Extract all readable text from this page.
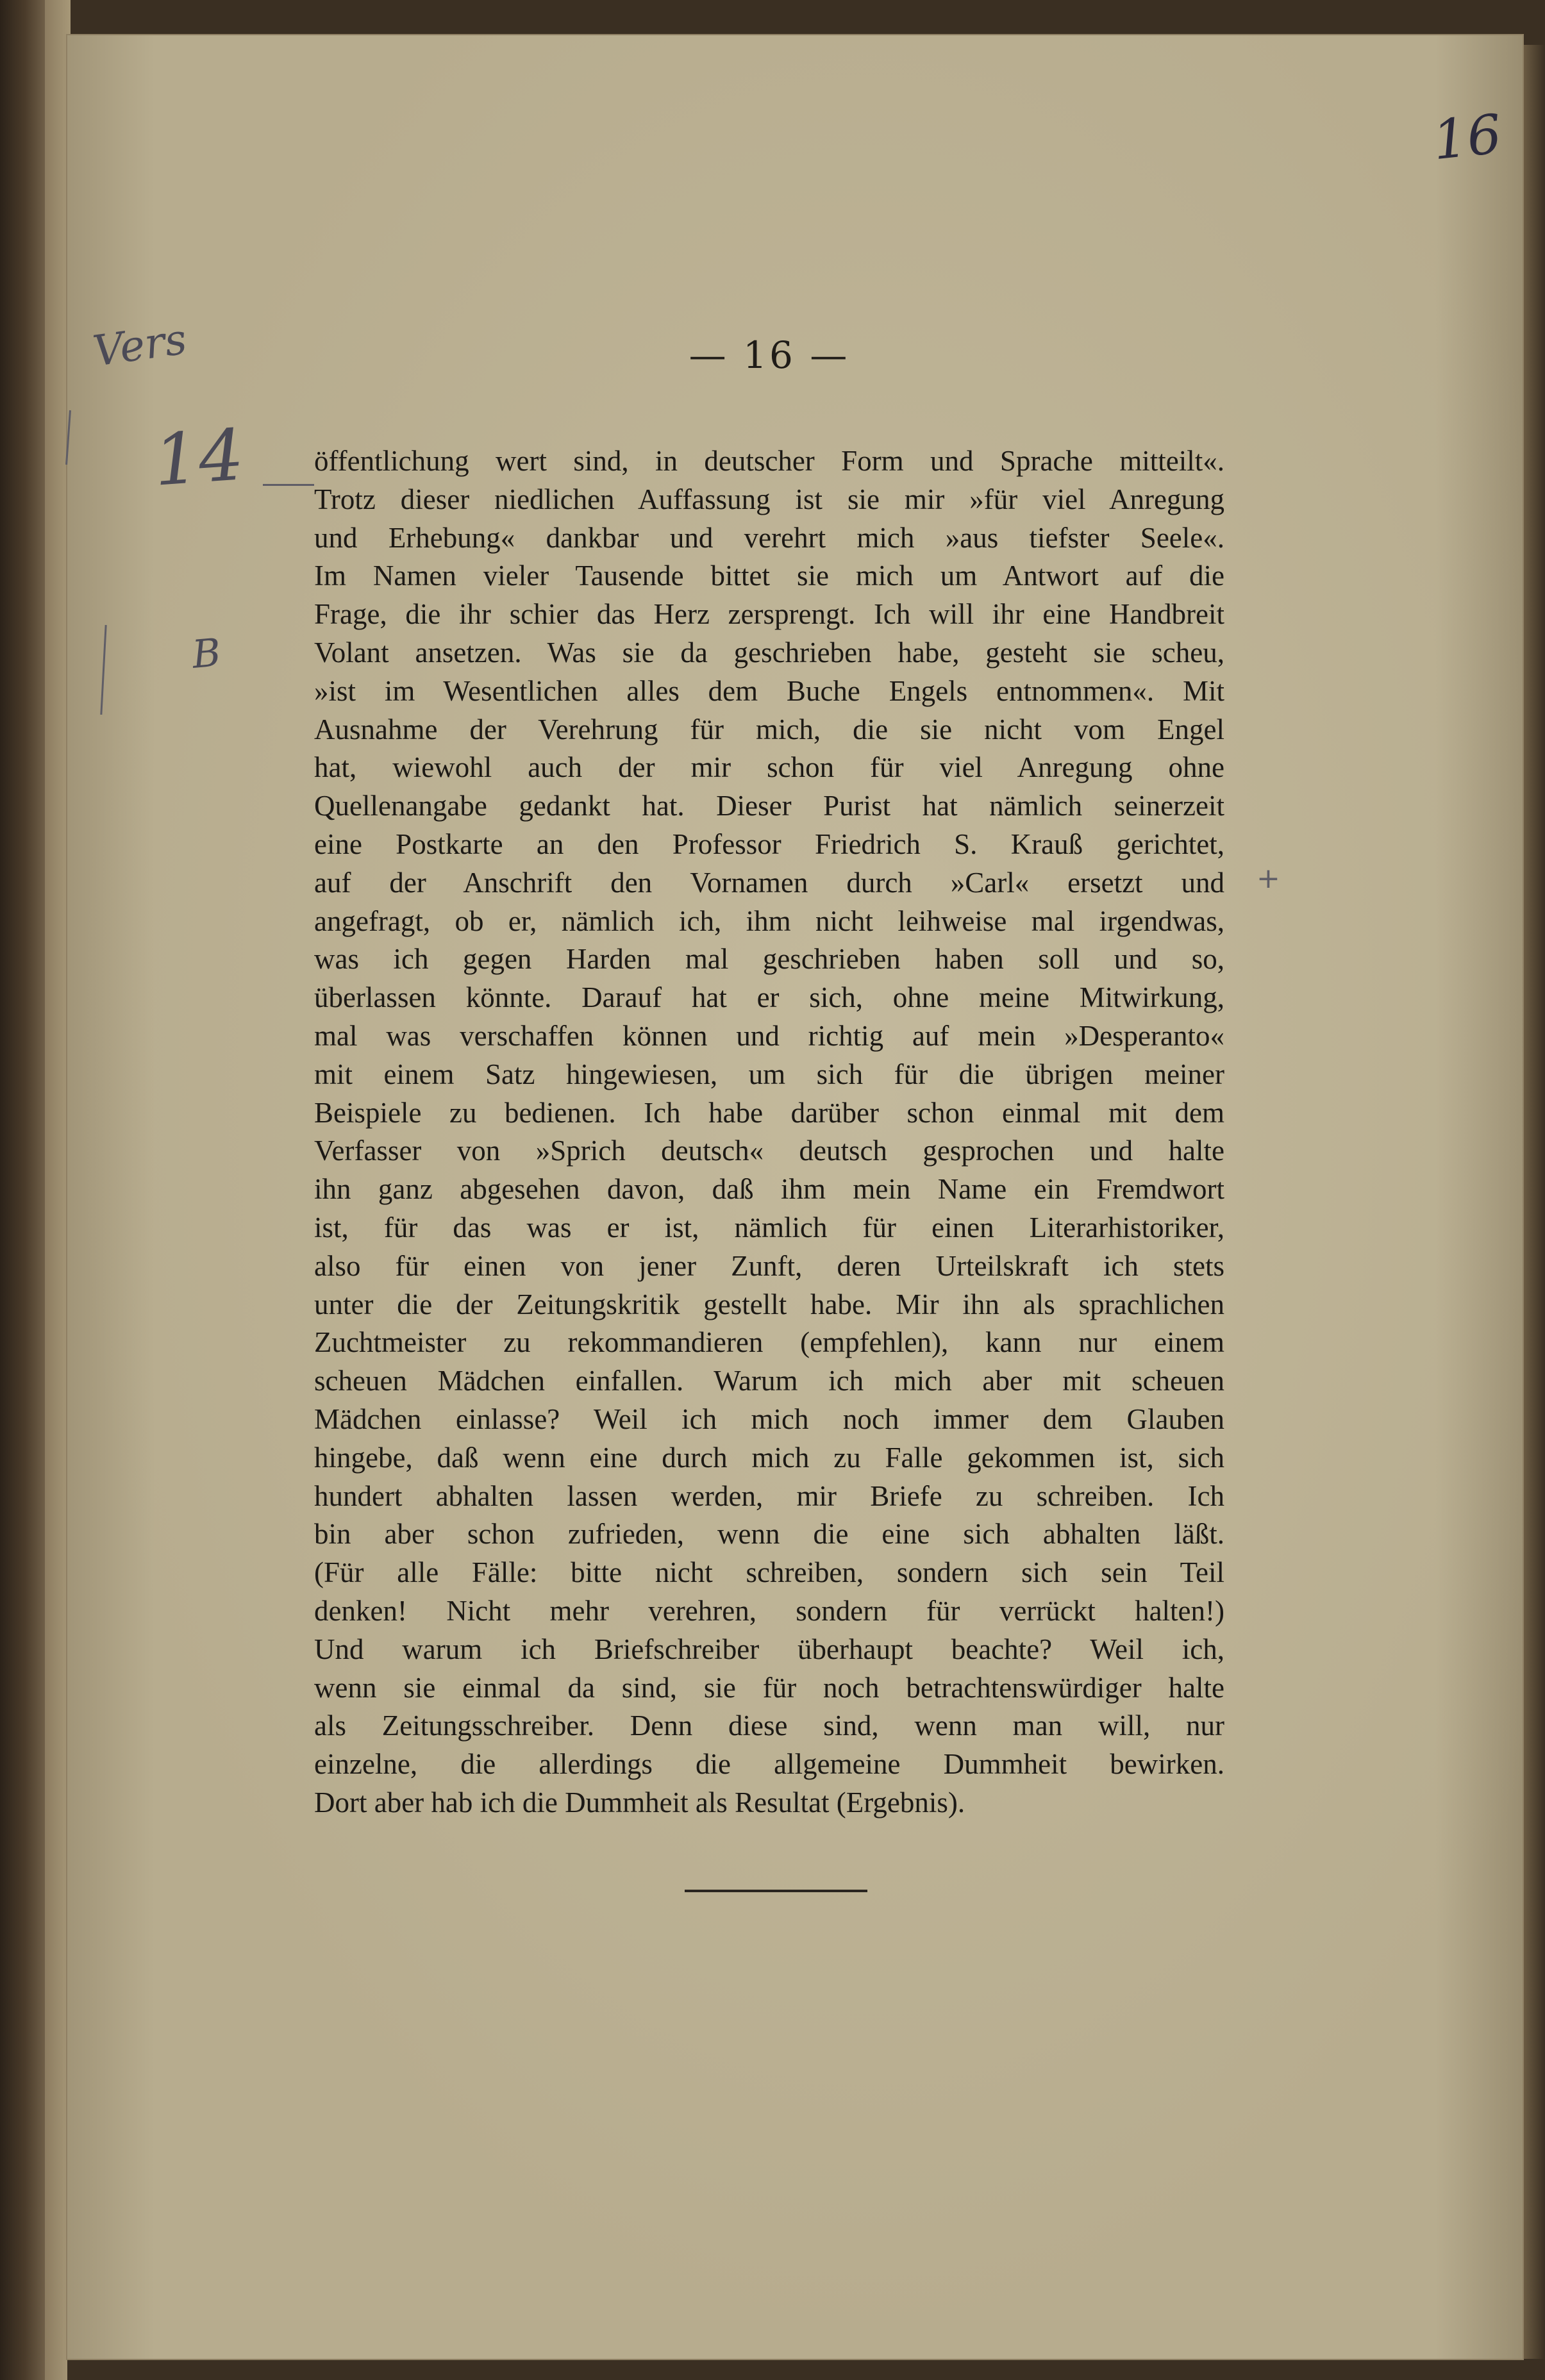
16
Vers
14
B
+
— 16 —
öffentlichung wert sind, in deutscher Form und Sprache mitteilt«.
Trotz dieser niedlichen Auffassung ist sie mir »für viel Anregung
und Erhebung« dankbar und verehrt mich »aus tiefster Seele«.
Im Namen vieler Tausende bittet sie mich um Antwort auf die
Frage, die ihr schier das Herz zersprengt. Ich will ihr eine Handbreit
Volant ansetzen. Was sie da geschrieben habe, gesteht sie scheu,
»ist im Wesentlichen alles dem Buche Engels entnommen«. Mit
Ausnahme der Verehrung für mich, die sie nicht vom Engel
hat, wiewohl auch der mir schon für viel Anregung ohne
Quellenangabe gedankt hat. Dieser Purist hat nämlich seinerzeit
eine Postkarte an den Professor Friedrich S. Krauß gerichtet,
auf der Anschrift den Vornamen durch »Carl« ersetzt und
angefragt, ob er, nämlich ich, ihm nicht leihweise mal irgendwas,
was ich gegen Harden mal geschrieben haben soll und so,
überlassen könnte. Darauf hat er sich, ohne meine Mitwirkung,
mal was verschaffen können und richtig auf mein »Desperanto«
mit einem Satz hingewiesen, um sich für die übrigen meiner
Beispiele zu bedienen. Ich habe darüber schon einmal mit dem
Verfasser von »Sprich deutsch« deutsch gesprochen und halte
ihn ganz abgesehen davon, daß ihm mein Name ein Fremdwort
ist, für das was er ist, nämlich für einen Literarhistoriker,
also für einen von jener Zunft, deren Urteilskraft ich stets
unter die der Zeitungskritik gestellt habe. Mir ihn als sprachlichen
Zuchtmeister zu rekommandieren (empfehlen), kann nur einem
scheuen Mädchen einfallen. Warum ich mich aber mit scheuen
Mädchen einlasse? Weil ich mich noch immer dem Glauben
hingebe, daß wenn eine durch mich zu Falle gekommen ist, sich
hundert abhalten lassen werden, mir Briefe zu schreiben. Ich
bin aber schon zufrieden, wenn die eine sich abhalten läßt.
(Für alle Fälle: bitte nicht schreiben, sondern sich sein Teil
denken! Nicht mehr verehren, sondern für verrückt halten!)
Und warum ich Briefschreiber überhaupt beachte? Weil ich,
wenn sie einmal da sind, sie für noch betrachtenswürdiger halte
als Zeitungsschreiber. Denn diese sind, wenn man will, nur
einzelne, die allerdings die allgemeine Dummheit bewirken.
Dort aber hab ich die Dummheit als Resultat (Ergebnis).
